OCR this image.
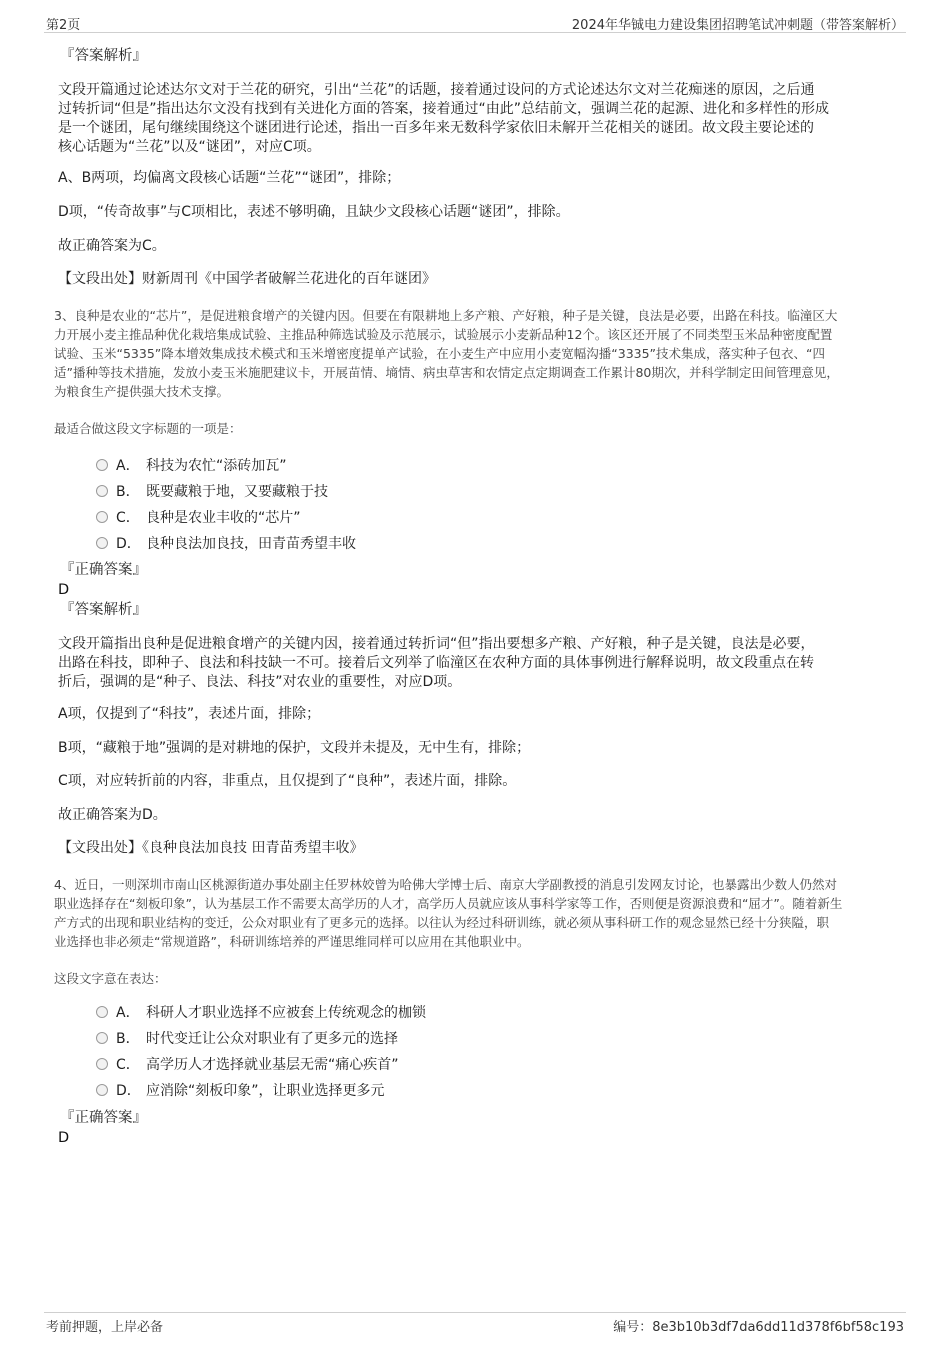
第2页	2024年华铖电力建设集团招聘笔试冲刺题（带答案解析）
『答案解析』
文段开篇通过论述达尔文对于兰花的研究，引出“兰花”的话题，接着通过设问的方式论述达尔文对兰花痴迷的原因，之后通
过转折词“但是”指出达尔文没有找到有关进化方面的答案，接着通过“由此”总结前文，强调兰花的起源、进化和多样性的形成
是一个谜团，尾句继续围绕这个谜团进行论述，指出一百多年来无数科学家依旧未解开兰花相关的谜团。故文段主要论述的
核心话题为“兰花”以及“谜团”，对应C项。
A、B两项，均偏离文段核心话题“兰花”“谜团”，排除；
D项，“传奇故事”与C项相比，表述不够明确，且缺少文段核心话题“谜团”，排除。
故正确答案为C。
【文段出处】财新周刊《中国学者破解兰花进化的百年谜团》
3、良种是农业的“芯片”，是促进粮食增产的关键内因。但要在有限耕地上多产粮、产好粮，种子是关键，良法是必要，出路在科技。临潼区大
力开展小麦主推品种优化栽培集成试验、主推品种筛选试验及示范展示，试验展示小麦新品种12个。该区还开展了不同类型玉米品种密度配置
试验、玉米“5335”降本增效集成技术模式和玉米增密度提单产试验，在小麦生产中应用小麦宽幅沟播“3335”技术集成，落实种子包衣、“四
适”播种等技术措施，发放小麦玉米施肥建议卡，开展苗情、墒情、病虫草害和农情定点定期调查工作累计80期次，并科学制定田间管理意见，
为粮食生产提供强大技术支撑。
最适合做这段文字标题的一项是：
A． 科技为农忙“添砖加瓦”
B． 既要藏粮于地，又要藏粮于技
C． 良种是农业丰收的“芯片”
D． 良种良法加良技，田青苗秀望丰收
『正确答案』
D
『答案解析』
文段开篇指出良种是促进粮食增产的关键内因，接着通过转折词“但”指出要想多产粮、产好粮，种子是关键，良法是必要，
出路在科技，即种子、良法和科技缺一不可。接着后文列举了临潼区在农种方面的具体事例进行解释说明，故文段重点在转
折后，强调的是“种子、良法、科技”对农业的重要性，对应D项。
A项，仅提到了“科技”，表述片面，排除；
B项，“藏粮于地”强调的是对耕地的保护，文段并未提及，无中生有，排除；
C项，对应转折前的内容，非重点，且仅提到了“良种”，表述片面，排除。
故正确答案为D。
【文段出处】《良种良法加良技 田青苗秀望丰收》
4、近日，一则深圳市南山区桃源街道办事处副主任罗林姣曾为哈佛大学博士后、南京大学副教授的消息引发网友讨论，也暴露出少数人仍然对
职业选择存在“刻板印象”，认为基层工作不需要太高学历的人才，高学历人员就应该从事科学家等工作，否则便是资源浪费和“屈才”。随着新生
产方式的出现和职业结构的变迁，公众对职业有了更多元的选择。以往认为经过科研训练，就必须从事科研工作的观念显然已经十分狭隘，职
业选择也非必须走“常规道路”，科研训练培养的严谨思维同样可以应用在其他职业中。
这段文字意在表达：
A． 科研人才职业选择不应被套上传统观念的枷锁
B． 时代变迁让公众对职业有了更多元的选择
C． 高学历人才选择就业基层无需“痛心疾首”
D． 应消除“刻板印象”，让职业选择更多元
『正确答案』
D
考前押题，上岸必备	编号：8e3b10b3df7da6dd11d378f6bf58c193
